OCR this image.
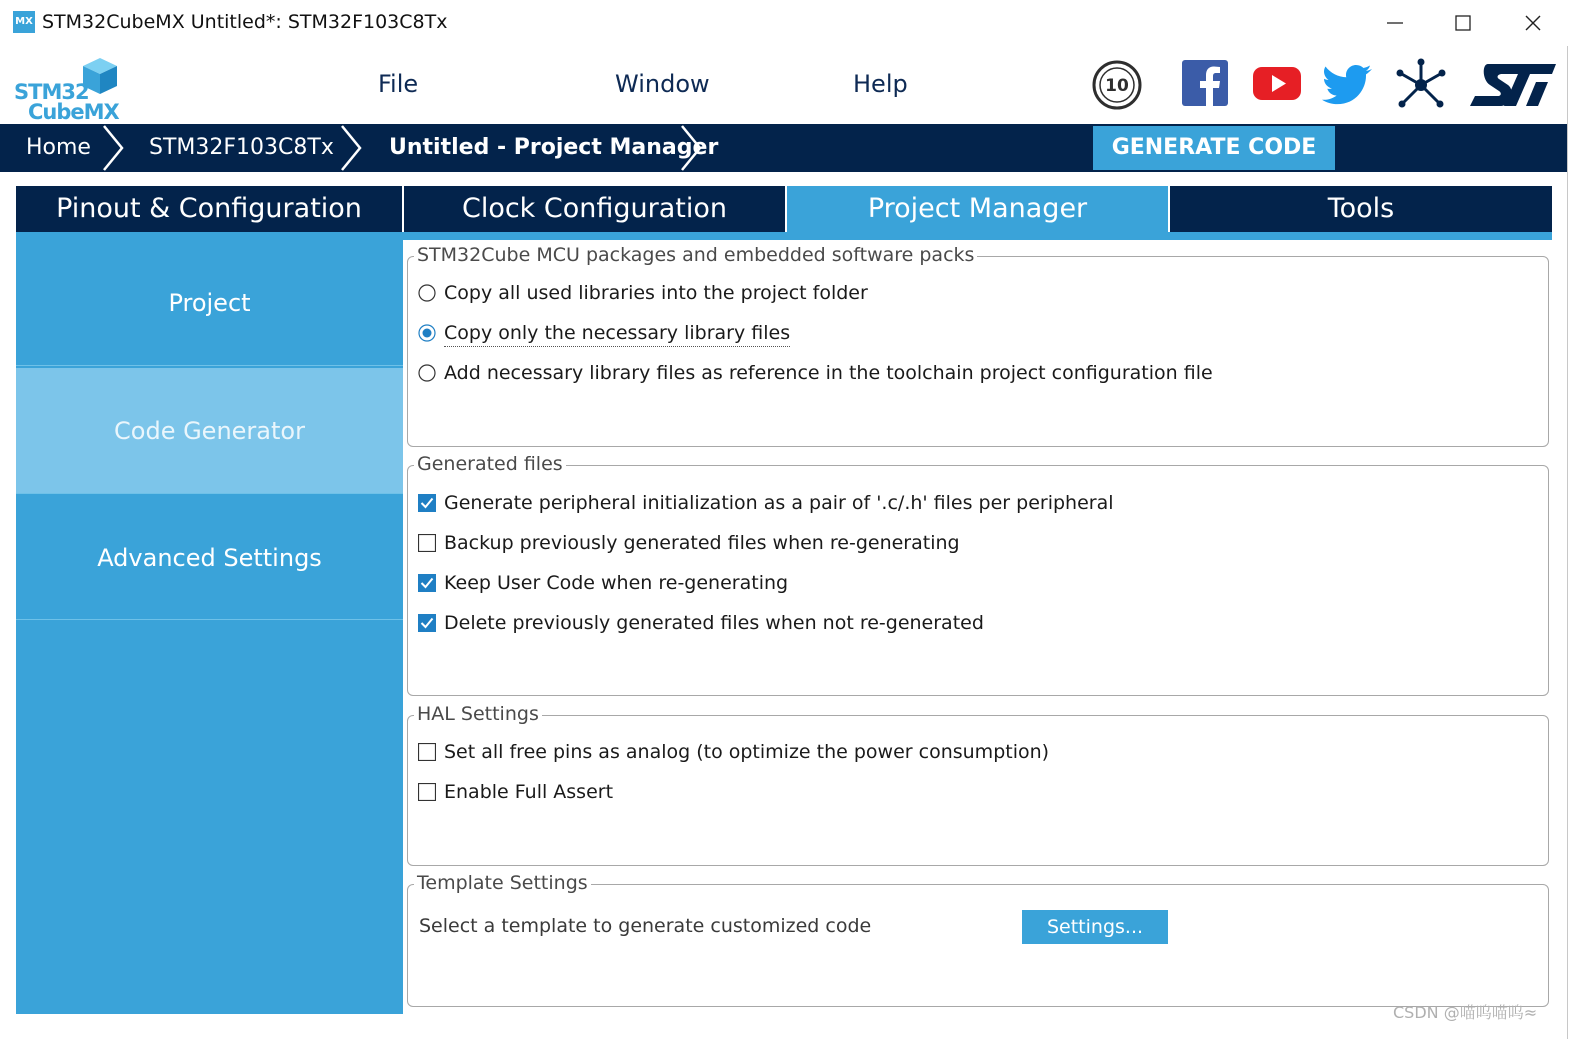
MX STM32CubeMX Untitled*: STM32F103C8Tx
STM32
CubeMX
File	Window	Help	10
Home	STM32F103C8Tx	Untitled - Project Manager	GENERATE CODE
Pinout & Configuration	Clock Configuration	Project Manager	Tools
Project
Code Generator
Advanced Settings
STM32Cube MCU packages and embedded software packs
Copy all used libraries into the project folder
Copy only the necessary library files
Add necessary library files as reference in the toolchain project configuration file
Generated files
Generate peripheral initialization as a pair of '.c/.h' files per peripheral
Backup previously generated files when re-generating
Keep User Code when re-generating
Delete previously generated files when not re-generated
HAL Settings
Set all free pins as analog (to optimize the power consumption)
Enable Full Assert
Template Settings
Select a template to generate customized code	Settings...
CSDN @喵呜喵呜≈
